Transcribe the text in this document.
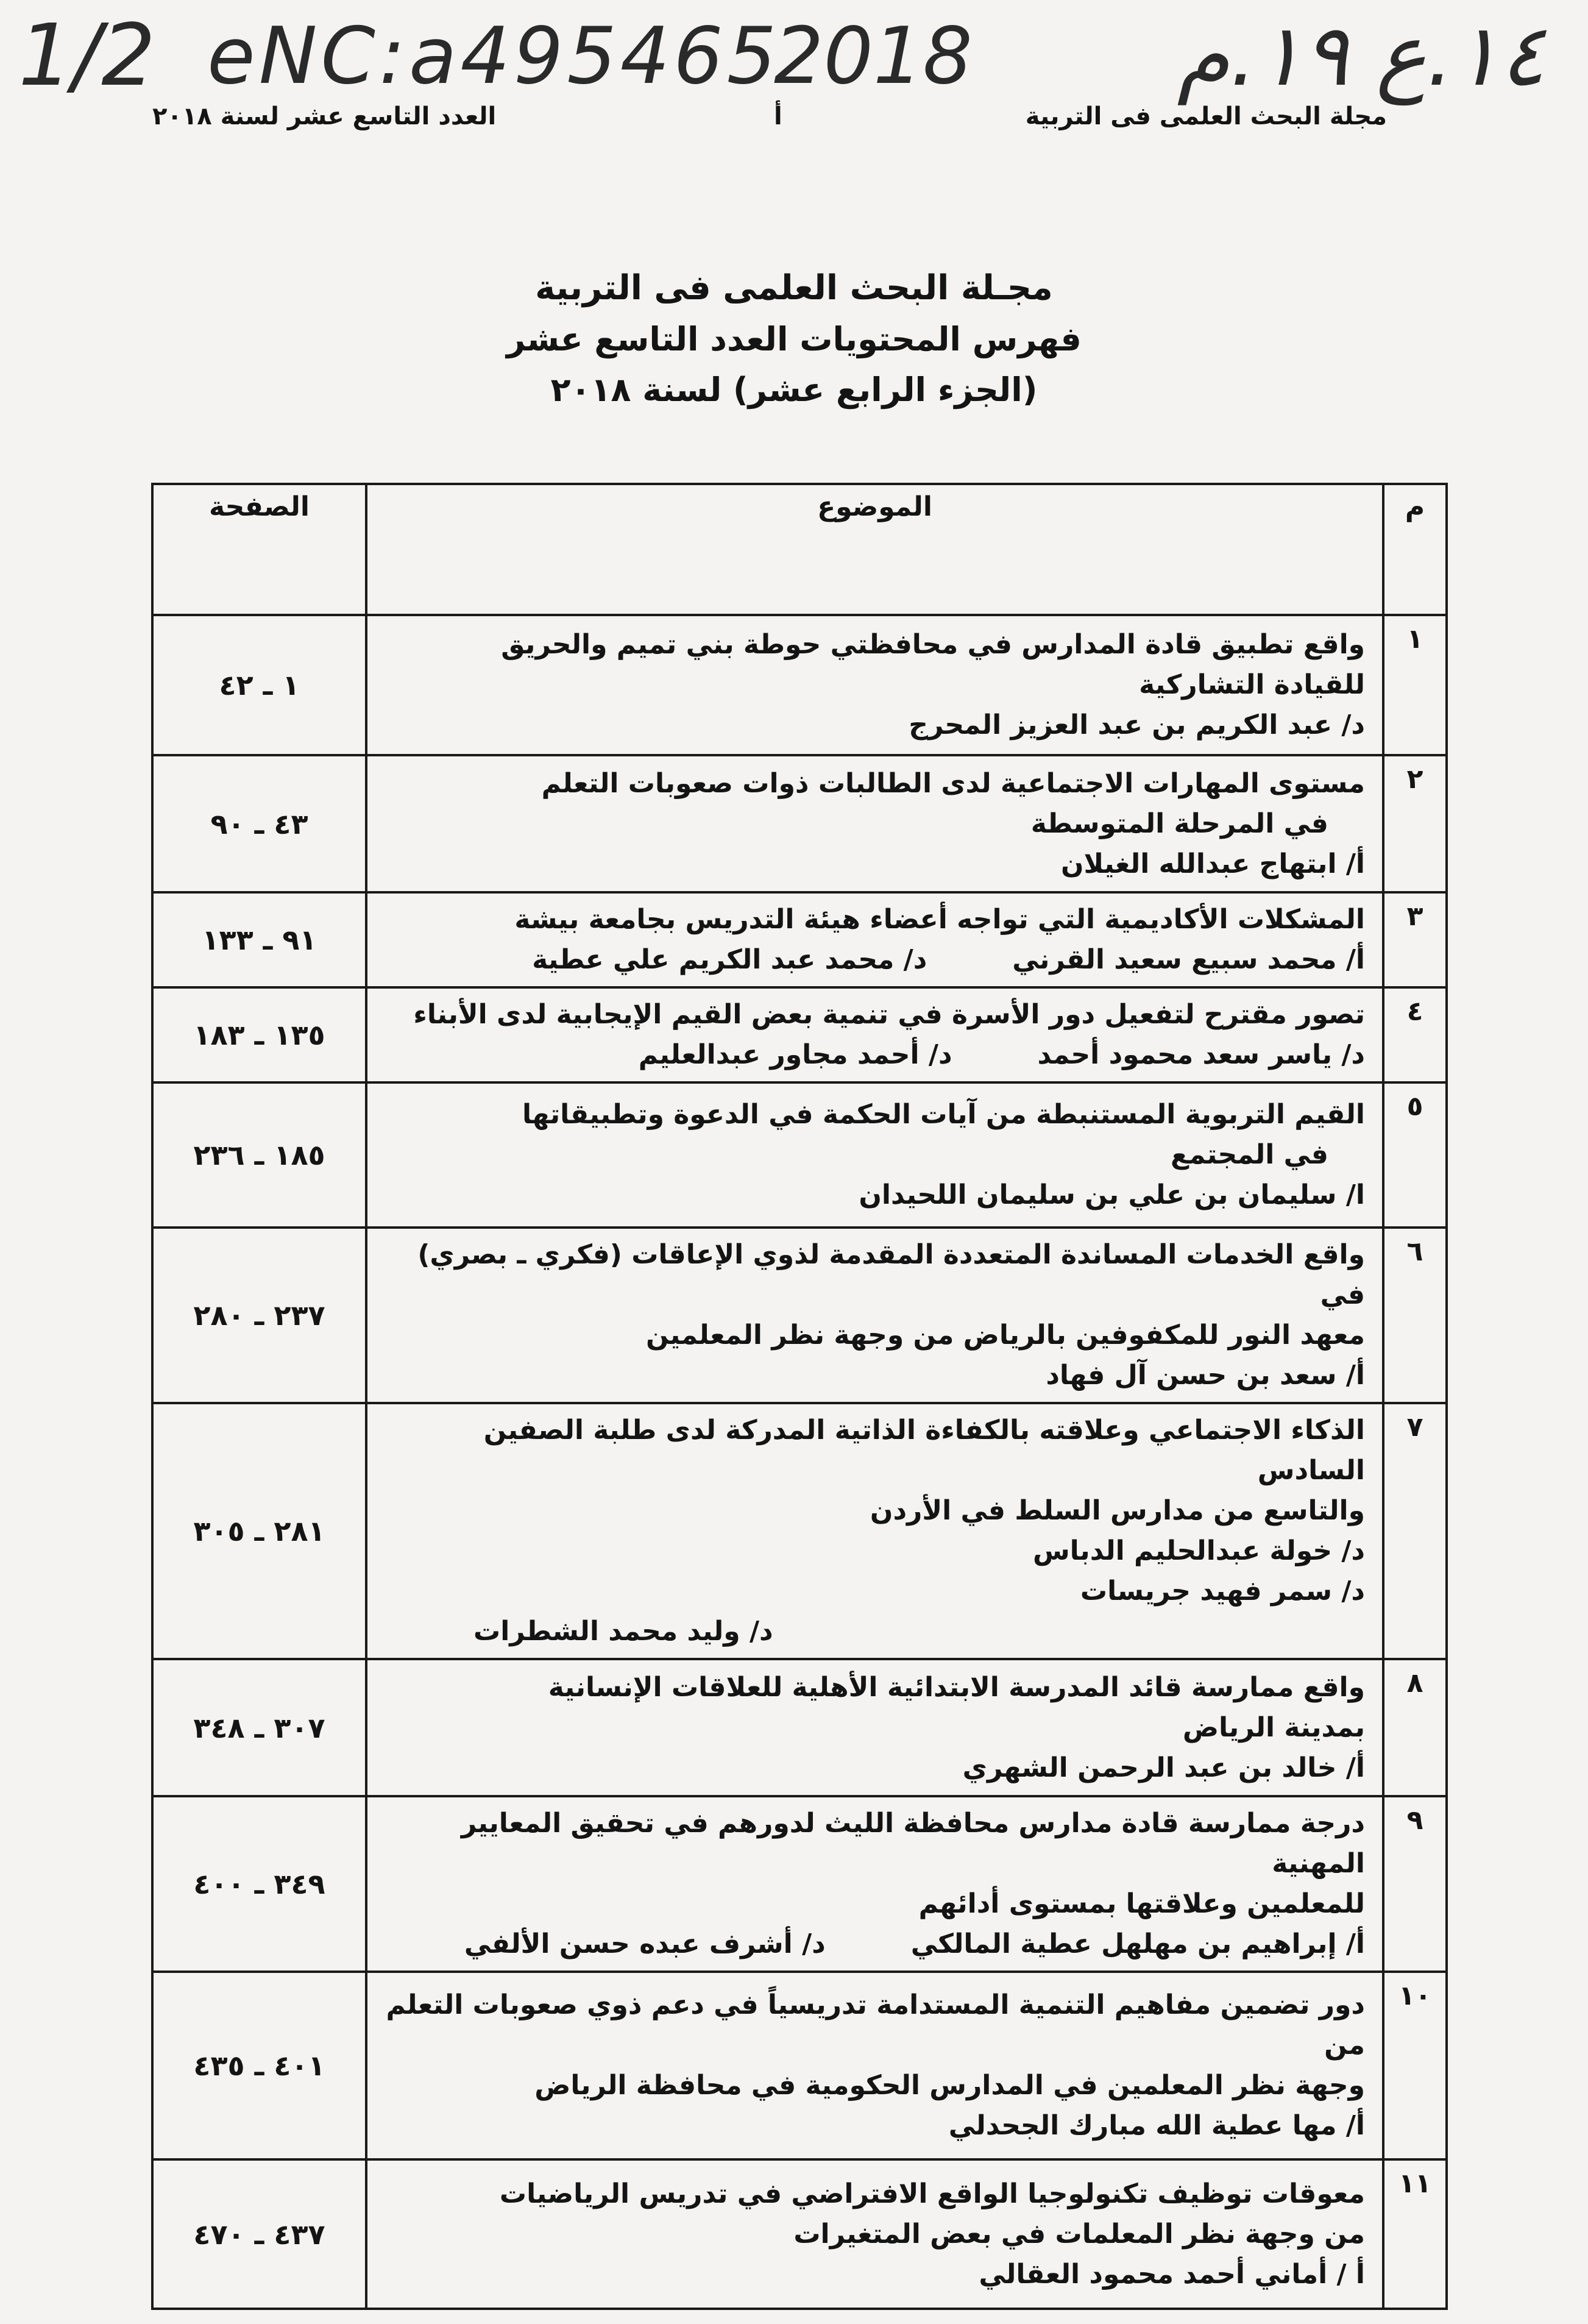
1/2 eNC:a495465
2018 ١٤.ع ١٩.م
مجلة البحث العلمى فى التربية
أ
العدد التاسع عشر لسنة ٢٠١٨
مجـلة البحث العلمى فى التربية
فهرس المحتويات العدد التاسع عشر
(الجزء الرابع عشر) لسنة ٢٠١٨
م	الموضوع	الصفحة
١	واقع تطبيق قادة المدارس في محافظتي حوطة بني تميم والحريق
للقيادة التشاركية
د/ عبد الكريم بن عبد العزيز المحرج	١ ـ ٤٢
٢	مستوى المهارات الاجتماعية لدى الطالبات ذوات صعوبات التعلم
في المرحلة المتوسطة
أ/ ابتهاج عبدالله الغيلان	٤٣ ـ ٩٠
٣	المشكلات الأكاديمية التي تواجه أعضاء هيئة التدريس بجامعة بيشة
أ/ محمد سبيع سعيد القرني
د/ محمد عبد الكريم علي عطية	٩١ ـ ١٣٣
٤	تصور مقترح لتفعيل دور الأسرة في تنمية بعض القيم الإيجابية لدى الأبناء
د/ ياسر سعد محمود أحمد
د/ أحمد مجاور عبدالعليم	١٣٥ ـ ١٨٣
٥	القيم التربوية المستنبطة من آيات الحكمة في الدعوة وتطبيقاتها
في المجتمع
ا/ سليمان بن علي بن سليمان اللحيدان	١٨٥ ـ ٢٣٦
٦	واقع الخدمات المساندة المتعددة المقدمة لذوي الإعاقات (فكري ـ بصري) في
معهد النور للمكفوفين بالرياض من وجهة نظر المعلمين
أ/ سعد بن حسن آل فهاد	٢٣٧ ـ ٢٨٠
٧	الذكاء الاجتماعي وعلاقته بالكفاءة الذاتية المدركة لدى طلبة الصفين السادس
والتاسع من مدارس السلط في الأردن
د/ خولة عبدالحليم الدباس
د/ سمر فهيد جريسات
د/ وليد محمد الشطرات	٢٨١ ـ ٣٠٥
٨	واقع ممارسة قائد المدرسة الابتدائية الأهلية للعلاقات الإنسانية
بمدينة الرياض
أ/ خالد بن عبد الرحمن الشهري	٣٠٧ ـ ٣٤٨
٩	درجة ممارسة قادة مدارس محافظة الليث لدورهم في تحقيق المعايير المهنية
للمعلمين وعلاقتها بمستوى أدائهم
أ/ إبراهيم بن مهلهل عطية المالكي
د/ أشرف عبده حسن الألفي	٣٤٩ ـ ٤٠٠
١٠	دور تضمين مفاهيم التنمية المستدامة تدريسياً في دعم ذوي صعوبات التعلم من
وجهة نظر المعلمين في المدارس الحكومية في محافظة الرياض
أ/ مها عطية الله مبارك الجحدلي	٤٠١ ـ ٤٣٥
١١	معوقات توظيف تكنولوجيا الواقع الافتراضي في تدريس الرياضيات
من وجهة نظر المعلمات في بعض المتغيرات
أ / أماني أحمد محمود العقالي	٤٣٧ ـ ٤٧٠
